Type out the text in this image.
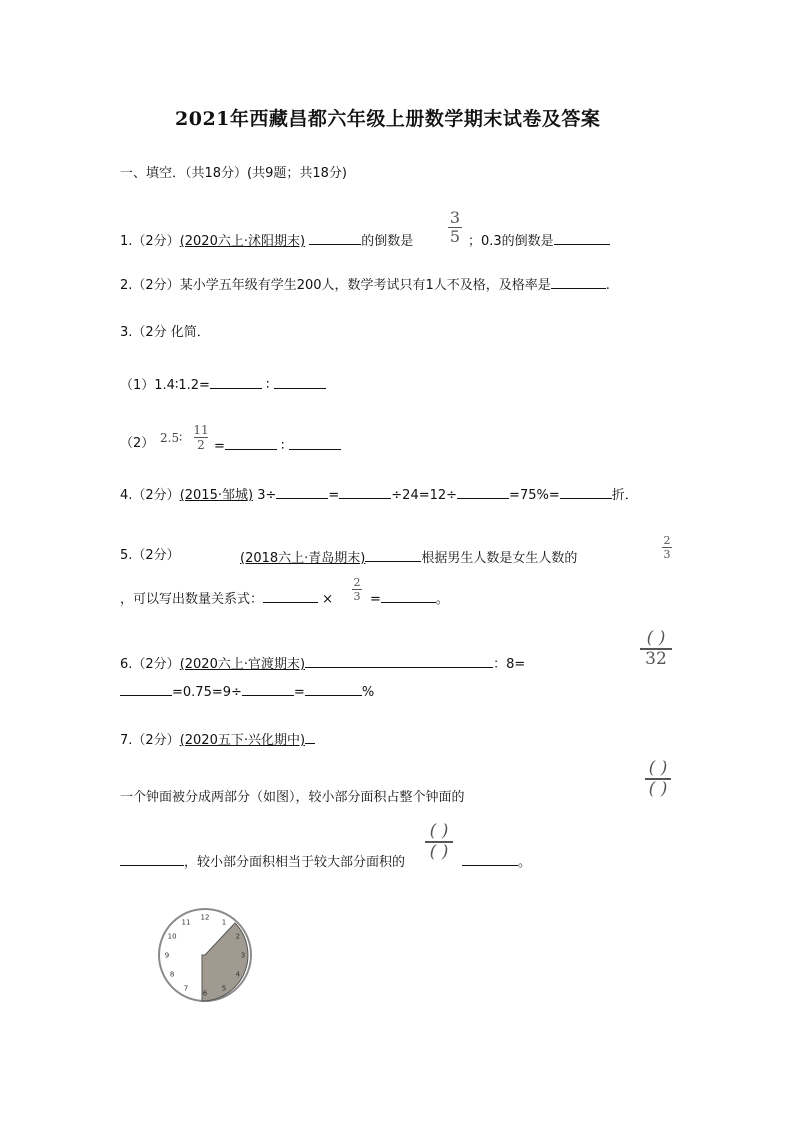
2021年西藏昌都六年级上册数学期末试卷及答案
一、填空．（共18分）(共9题；共18分)
1.（2分）(2020六上·沭阳期末)	的倒数是
3
5 ；0.3的倒数是
2.（2分）某小学五年级有学生200人，数学考试只有1人不及格，及格率是	.
3.（2分 化简．
（1）1.4∶1.2=	∶
（2） 2.5∶
11
2 =	∶
4.（2分）(2015·邹城) 3÷	=	÷24=12÷	=75%=	折．
5.（2分）	(2018六上·青岛期末)	根据男生人数是女生人数的
2
3
，可以写出数量关系式：	×
2
3 =	。
6.（2分）(2020六上·官渡期末)	：8=
( )
32
=0.75=9÷	=	%
7.（2分）(2020五下·兴化期中)
( )
( )
一个钟面被分成两部分（如图），较小部分面积占整个钟面的
，较小部分面积相当于较大部分面积的
( )
( )
。
12
1
2
3
4
5
6
7
8
9
10
11
